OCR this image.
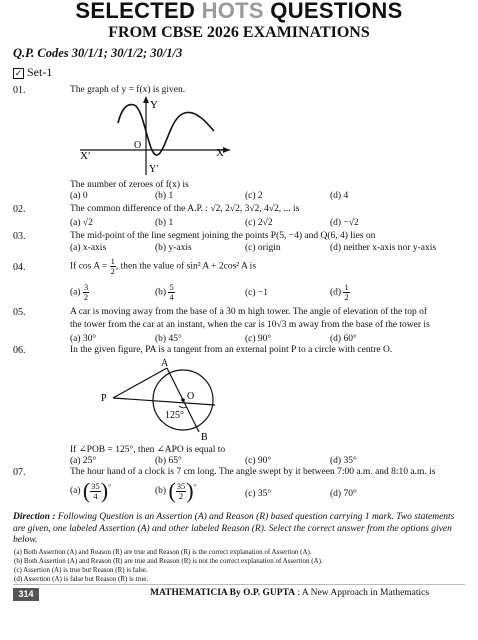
SELECTED HOTS QUESTIONS
FROM CBSE 2026 EXAMINATIONS
Q.P. Codes 30/1/1; 30/1/2; 30/1/3
✓ Set-1
01.	The graph of y = f(x) is given.
Y
Y′
X
X′
O
The number of zeroes of f(x) is
(a) 0	(b) 1	(c) 2	(d) 4
02.	The common difference of the A.P. : √2, 2√2, 3√2, 4√2, ... is
(a) √2	(b) 1	(c) 2√2	(d) −√2
03.	The mid-point of the line segment joining the points P(5, −4) and Q(6, 4) lies on
(a) x-axis	(b) y-axis	(c) origin	(d) neither x-axis nor y-axis
04.	If $\cos A = \frac{1}{2}$ , then the value of sin² A + 2cos² A is
$(a) \frac{3}{2}$	$(b) \frac{5}{4}$	(c) −1	$(d) \frac{1}{2}$
05.	A car is moving away from the base of a 30 m high tower. The angle of elevation of the top of
the tower from the car at an instant, when the car is 10√3 m away from the base of the tower is
(a) 30°	(b) 45°	(c) 90°	(d) 60°
06.	In the given figure, PA is a tangent from an external point P to a circle with centre O.
A
P	O
B
125°
If ∠POB = 125°, then ∠APO is equal to
(a) 25°	(b) 65°	(c) 90°	(d) 35°
07.	The hour hand of a clock is 7 cm long. The angle swept by it between 7:00 a.m. and 8:10 a.m. is
(a) ( $\frac{35}{4}$ ) °	(b) ( $\frac{35}{2}$ ) °
(c) 35°	(d) 70°
Direction : Following Question is an Assertion (A) and Reason (R) based question carrying 1 mark. Two statements are given, one labeled Assertion (A) and other labeled Reason (R). Select the correct answer from the options given below.
(a) Both Assertion (A) and Reason (R) are true and Reason (R) is the correct explanation of Assertion (A).
(b) Both Assertion (A) and Reason (R) are true and Reason (R) is not the correct explanation of Assertion (A).
(c) Assertion (A) is true but Reason (R) is false.
(d) Assertion (A) is false but Reason (R) is true.
314	MATHEMATICIA By O.P. GUPTA : A New Approach in Mathematics
